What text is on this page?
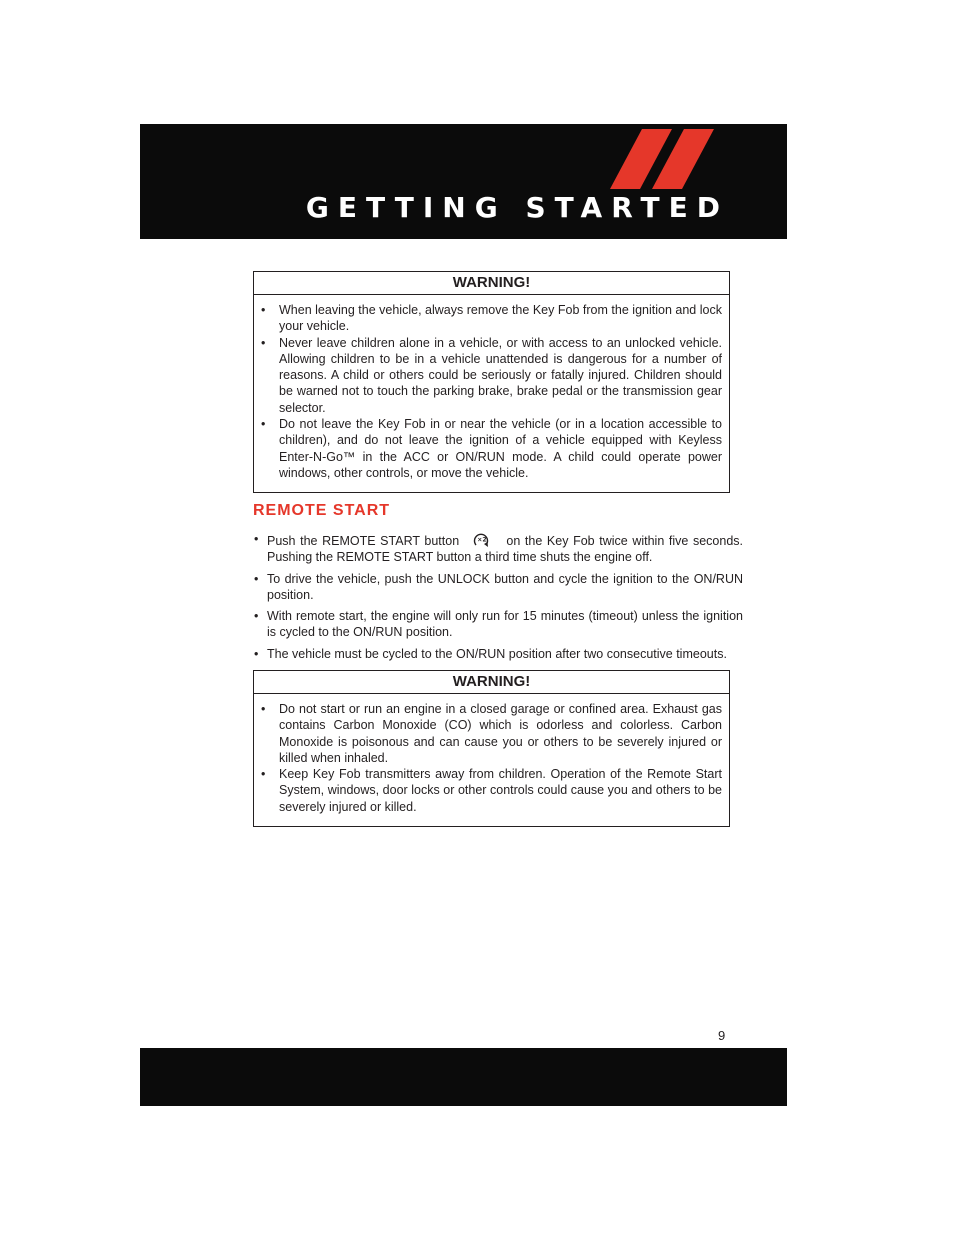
GETTING STARTED
WARNING!
• When leaving the vehicle, always remove the Key Fob from the ignition and lock your vehicle.
• Never leave children alone in a vehicle, or with access to an unlocked vehicle. Allowing children to be in a vehicle unattended is dangerous for a number of reasons. A child or others could be seriously or fatally injured. Children should be warned not to touch the parking brake, brake pedal or the transmission gear selector.
• Do not leave the Key Fob in or near the vehicle (or in a location accessible to children), and do not leave the ignition of a vehicle equipped with Keyless Enter-N-Go™ in the ACC or ON/RUN mode. A child could operate power windows, other controls, or move the vehicle.
REMOTE START
• Push the REMOTE START button	×2 on the Key Fob twice within five seconds. Pushing the REMOTE START button a third time shuts the engine off.
• To drive the vehicle, push the UNLOCK button and cycle the ignition to the ON/RUN position.
• With remote start, the engine will only run for 15 minutes (timeout) unless the ignition is cycled to the ON/RUN position.
• The vehicle must be cycled to the ON/RUN position after two consecutive timeouts.
WARNING!
• Do not start or run an engine in a closed garage or confined area. Exhaust gas contains Carbon Monoxide (CO) which is odorless and colorless. Carbon Monoxide is poisonous and can cause you or others to be severely injured or killed when inhaled.
• Keep Key Fob transmitters away from children. Operation of the Remote Start System, windows, door locks or other controls could cause you and others to be severely injured or killed.
9
